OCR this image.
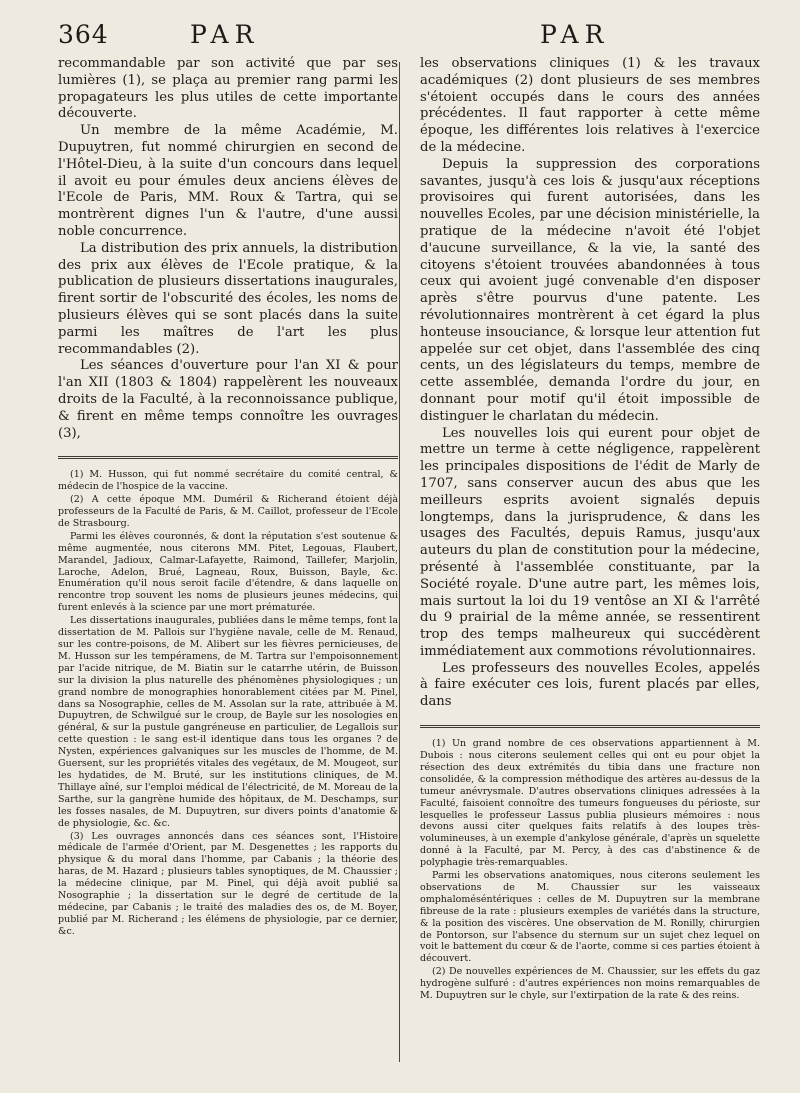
364	PAR	PAR

recommandable par son activité que par ses lumières (1), se plaça au premier rang parmi les propagateurs les plus utiles de cette importante découverte.

Un membre de la même Académie, M. Dupuytren, fut nommé chirurgien en second de l'Hôtel-Dieu, à la suite d'un concours dans lequel il avoit eu pour émules deux anciens élèves de l'Ecole de Paris, MM. Roux & Tartra, qui se montrèrent dignes l'un & l'autre, d'une aussi noble concurrence.

La distribution des prix annuels, la distribution des prix aux élèves de l'Ecole pratique, & la publication de plusieurs dissertations inaugurales, firent sortir de l'obscurité des écoles, les noms de plusieurs élèves qui se sont placés dans la suite parmi les maîtres de l'art les plus recommandables (2).

Les séances d'ouverture pour l'an XI & pour l'an XII (1803 & 1804) rappelèrent les nouveaux droits de la Faculté, à la reconnoissance publique, & firent en même temps connoître les ouvrages (3),

(1) M. Husson, qui fut nommé secrétaire du comité central, & médecin de l'hospice de la vaccine.

(2) A cette époque MM. Duméril & Richerand étoient déjà professeurs de la Faculté de Paris, & M. Caillot, professeur de l'Ecole de Strasbourg.

Parmi les élèves couronnés, & dont la réputation s'est soutenue & même augmentée, nous citerons MM. Pitet, Legouas, Flaubert, Marandel, Jadioux, Calmar-Lafayette, Raimond, Taillefer, Marjolin, Laroche, Adelon, Brué, Lagneau, Roux, Buisson, Bayle, &c. Enumération qu'il nous seroit facile d'étendre, & dans laquelle on rencontre trop souvent les noms de plusieurs jeunes médecins, qui furent enlevés à la science par une mort prématurée.

Les dissertations inaugurales, publiées dans le même temps, font la dissertation de M. Pallois sur l'hygiène navale, celle de M. Renaud, sur les contre-poisons, de M. Alibert sur les fièvres pernicieuses, de M. Husson sur les tempéramens, de M. Tartra sur l'empoisonnement par l'acide nitrique, de M. Biatin sur le catarrhe utérin, de Buisson sur la division la plus naturelle des phénomènes physiologiques ; un grand nombre de monographies honorablement citées par M. Pinel, dans sa Nosographie, celles de M. Assolan sur la rate, attribuée à M. Dupuytren, de Schwilgué sur le croup, de Bayle sur les nosologies en général, & sur la pustule gangréneuse en particulier, de Legallois sur cette question : le sang est-il identique dans tous les organes ? de Nysten, expériences galvaniques sur les muscles de l'homme, de M. Guersent, sur les propriétés vitales des vegétaux, de M. Mougeot, sur les hydatides, de M. Bruté, sur les institutions cliniques, de M. Thillaye aîné, sur l'emploi médical de l'électricité, de M. Moreau de la Sarthe, sur la gangrène humide des hôpitaux, de M. Deschamps, sur les fosses nasales, de M. Dupuytren, sur divers points d'anatomie & de physiologie, &c. &c.

(3) Les ouvrages annoncés dans ces séances sont, l'Histoire médicale de l'armée d'Orient, par M. Desgenettes ; les rapports du physique & du moral dans l'homme, par Cabanis ; la théorie des haras, de M. Hazard ; plusieurs tables synoptiques, de M. Chaussier ; la médecine clinique, par M. Pinel, qui déjà avoit publié sa Nosographie ; la dissertation sur le degré de certitude de la médecine, par Cabanis ; le traité des maladies des os, de M. Boyer, publié par M. Richerand ; les élémens de physiologie, par ce dernier, &c.

les observations cliniques (1) & les travaux académiques (2) dont plusieurs de ses membres s'étoient occupés dans le cours des années précédentes. Il faut rapporter à cette même époque, les différentes lois relatives à l'exercice de la médecine.

Depuis la suppression des corporations savantes, jusqu'à ces lois & jusqu'aux réceptions provisoires qui furent autorisées, dans les nouvelles Ecoles, par une décision ministérielle, la pratique de la médecine n'avoit été l'objet d'aucune surveillance, & la vie, la santé des citoyens s'étoient trouvées abandonnées à tous ceux qui avoient jugé convenable d'en disposer après s'être pourvus d'une patente. Les révolutionnaires montrèrent à cet égard la plus honteuse insouciance, & lorsque leur attention fut appelée sur cet objet, dans l'assemblée des cinq cents, un des législateurs du temps, membre de cette assemblée, demanda l'ordre du jour, en donnant pour motif qu'il étoit impossible de distinguer le charlatan du médecin.

Les nouvelles lois qui eurent pour objet de mettre un terme à cette négligence, rappelèrent les principales dispositions de l'édit de Marly de 1707, sans conserver aucun des abus que les meilleurs esprits avoient signalés depuis longtemps, dans la jurisprudence, & dans les usages des Facultés, depuis Ramus, jusqu'aux auteurs du plan de constitution pour la médecine, présenté à l'assemblée constituante, par la Société royale. D'une autre part, les mêmes lois, mais surtout la loi du 19 ventôse an XI & l'arrêté du 9 prairial de la même année, se ressentirent trop des temps malheureux qui succédèrent immédiatement aux commotions révolutionnaires.

Les professeurs des nouvelles Ecoles, appelés à faire exécuter ces lois, furent placés par elles, dans

(1) Un grand nombre de ces observations appartiennent à M. Dubois : nous citerons seulement celles qui ont eu pour objet la résection des deux extrémités du tibia dans une fracture non consolidée, & la compression méthodique des artères au-dessus de la tumeur anévrysmale. D'autres observations cliniques adressées à la Faculté, faisoient connoître des tumeurs fongueuses du périoste, sur lesquelles le professeur Lassus publia plusieurs mémoires : nous devons aussi citer quelques faits relatifs à des loupes très-volumineuses, à un exemple d'ankylose générale, d'après un squelette donné à la Faculté, par M. Percy, à des cas d'abstinence & de polyphagie très-remarquables.

Parmi les observations anatomiques, nous citerons seulement les observations de M. Chaussier sur les vaisseaux omphaloméséntériques : celles de M. Dupuytren sur la membrane fibreuse de la rate : plusieurs exemples de variétés dans la structure, & la position des viscères. Une observation de M. Ronilly, chirurgien de Pontorson, sur l'absence du sternum sur un sujet chez lequel on voit le battement du cœur & de l'aorte, comme si ces parties étoient à découvert.

(2) De nouvelles expériences de M. Chaussier, sur les effets du gaz hydrogène sulfuré : d'autres expériences non moins remarquables de M. Dupuytren sur le chyle, sur l'extirpation de la rate & des reins.
